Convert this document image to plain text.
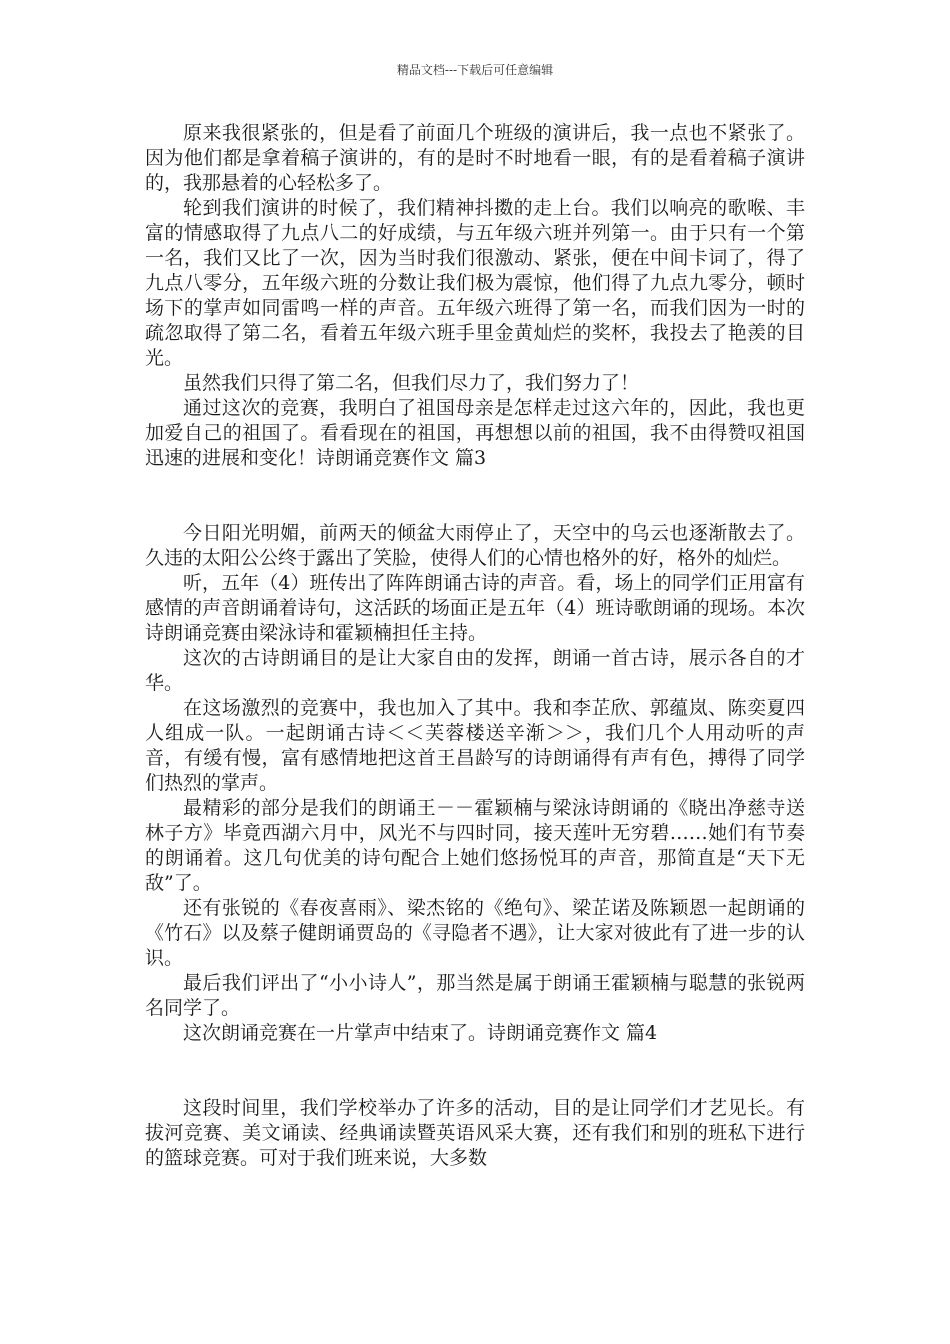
精品文档---下载后可任意编辑

原来我很紧张的，但是看了前面几个班级的演讲后，我一点也不紧张了。因为他们都是拿着稿子演讲的，有的是时不时地看一眼，有的是看着稿子演讲的，我那悬着的心轻松多了。

轮到我们演讲的时候了，我们精神抖擞的走上台。我们以响亮的歌喉、丰富的情感取得了九点八二的好成绩，与五年级六班并列第一。由于只有一个第一名，我们又比了一次，因为当时我们很激动、紧张，便在中间卡词了，得了九点八零分，五年级六班的分数让我们极为震惊，他们得了九点九零分，顿时场下的掌声如同雷鸣一样的声音。五年级六班得了第一名，而我们因为一时的疏忽取得了第二名，看着五年级六班手里金黄灿烂的奖杯，我投去了艳羡的目光。

虽然我们只得了第二名，但我们尽力了，我们努力了！

通过这次的竞赛，我明白了祖国母亲是怎样走过这六年的，因此，我也更加爱自己的祖国了。看看现在的祖国，再想想以前的祖国，我不由得赞叹祖国迅速的进展和变化！诗朗诵竞赛作文 篇3

今日阳光明媚，前两天的倾盆大雨停止了，天空中的乌云也逐渐散去了。久违的太阳公公终于露出了笑脸，使得人们的心情也格外的好，格外的灿烂。

听，五年（4）班传出了阵阵朗诵古诗的声音。看，场上的同学们正用富有感情的声音朗诵着诗句，这活跃的场面正是五年（4）班诗歌朗诵的现场。本次诗朗诵竞赛由梁泳诗和霍颖楠担任主持。

这次的古诗朗诵目的是让大家自由的发挥，朗诵一首古诗，展示各自的才华。

在这场激烈的竞赛中，我也加入了其中。我和李芷欣、郭蕴岚、陈奕夏四人组成一队。一起朗诵古诗＜＜芙蓉楼送辛渐＞＞，我们几个人用动听的声音，有缓有慢，富有感情地把这首王昌龄写的诗朗诵得有声有色，搏得了同学们热烈的掌声。

最精彩的部分是我们的朗诵王－－霍颖楠与梁泳诗朗诵的《晓出净慈寺送林子方》毕竟西湖六月中，风光不与四时同，接天莲叶无穷碧……她们有节奏的朗诵着。这几句优美的诗句配合上她们悠扬悦耳的声音，那简直是“天下无敌”了。

还有张锐的《春夜喜雨》、梁杰铭的《绝句》、梁芷诺及陈颖恩一起朗诵的《竹石》以及蔡子健朗诵贾岛的《寻隐者不遇》，让大家对彼此有了进一步的认识。

最后我们评出了“小小诗人”，那当然是属于朗诵王霍颖楠与聪慧的张锐两名同学了。

这次朗诵竞赛在一片掌声中结束了。诗朗诵竞赛作文 篇4

这段时间里，我们学校举办了许多的活动，目的是让同学们才艺见长。有拔河竞赛、美文诵读、经典诵读暨英语风采大赛，还有我们和别的班私下进行的篮球竞赛。可对于我们班来说，大多数
